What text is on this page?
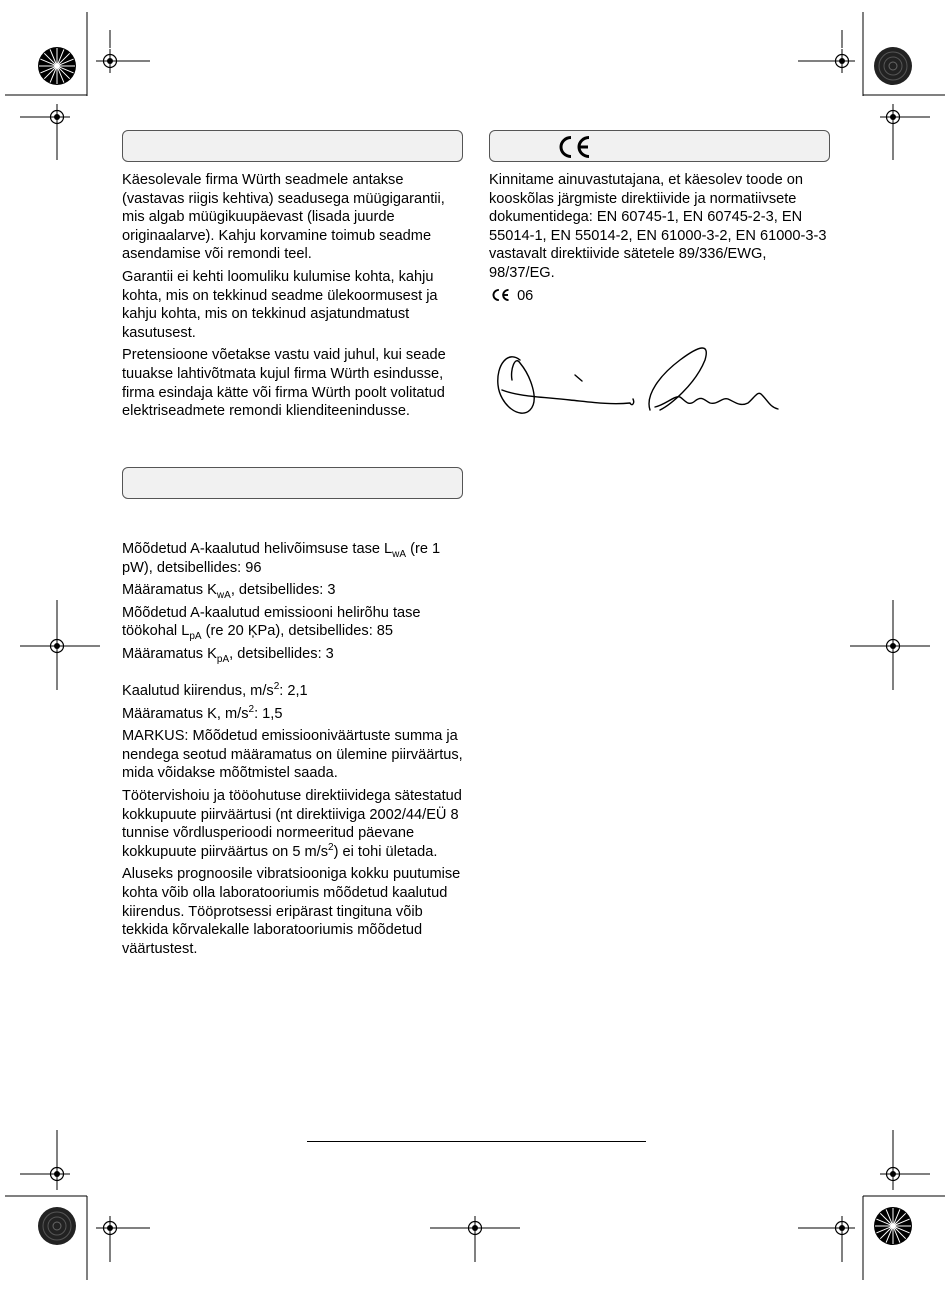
Käesolevale firma Würth seadmele antakse (vastavas riigis kehtiva) seadusega müügigarantii, mis algab müügikuupäevast (lisada juurde originaalarve). Kahju korvamine toimub seadme asendamise või remondi teel.

Garantii ei kehti loomuliku kulumise kohta, kahju kohta, mis on tekkinud seadme ülekoormusest ja kahju kohta, mis on tekkinud asjatundmatust kasutusest.

Pretensioone võetakse vastu vaid juhul, kui seade tuuakse lahtivõtmata kujul firma Würth esindusse, firma esindaja kätte või firma Würth poolt volitatud elektriseadmete remondi klienditeenindusse.

Mõõdetud A-kaalutud helivõimsuse tase $L_{wA}$ (re 1 pW), detsibellides: 96

Määramatus $K_{wA}$, detsibellides: 3

Mõõdetud A-kaalutud emissiooni helirõhu tase töökohal $L_{pA}$ (re 20 ĶPa), detsibellides: 85

Määramatus $K_{pA}$, detsibellides: 3

Kaalutud kiirendus, $m/s^2$: 2,1

Määramatus K, $m/s^2$: 1,5

MARKUS: Mõõdetud emissiooniväärtuste summa ja nendega seotud määramatus on ülemine piirväärtus, mida võidakse mõõtmistel saada.

Töötervishoiu ja tööohutuse direktiividega sätestatud kokkupuute piirväärtusi (nt direktiiviga 2002/44/EÜ 8 tunnise võrdlusperioodi normeeritud päevane kokkupuute piirväärtus on 5 $m/s^2$) ei tohi ületada.

Aluseks prognoosile vibratsiooniga kokku puutumise kohta võib olla laboratooriumis mõõdetud kaalutud kiirendus. Tööprotsessi eripärast tingituna võib tekkida kõrvalekalle laboratooriumis mõõdetud väärtustest.

Kinnitame ainuvastutajana, et käesolev toode on kooskõlas järgmiste direktiivide ja normatiivsete dokumentidega: EN 60745-1, EN 60745-2-3, EN 55014-1, EN 55014-2, EN 61000-3-2, EN 61000-3-3 vastavalt direktiivide sätetele 89/336/EWG, 98/37/EG.

06
